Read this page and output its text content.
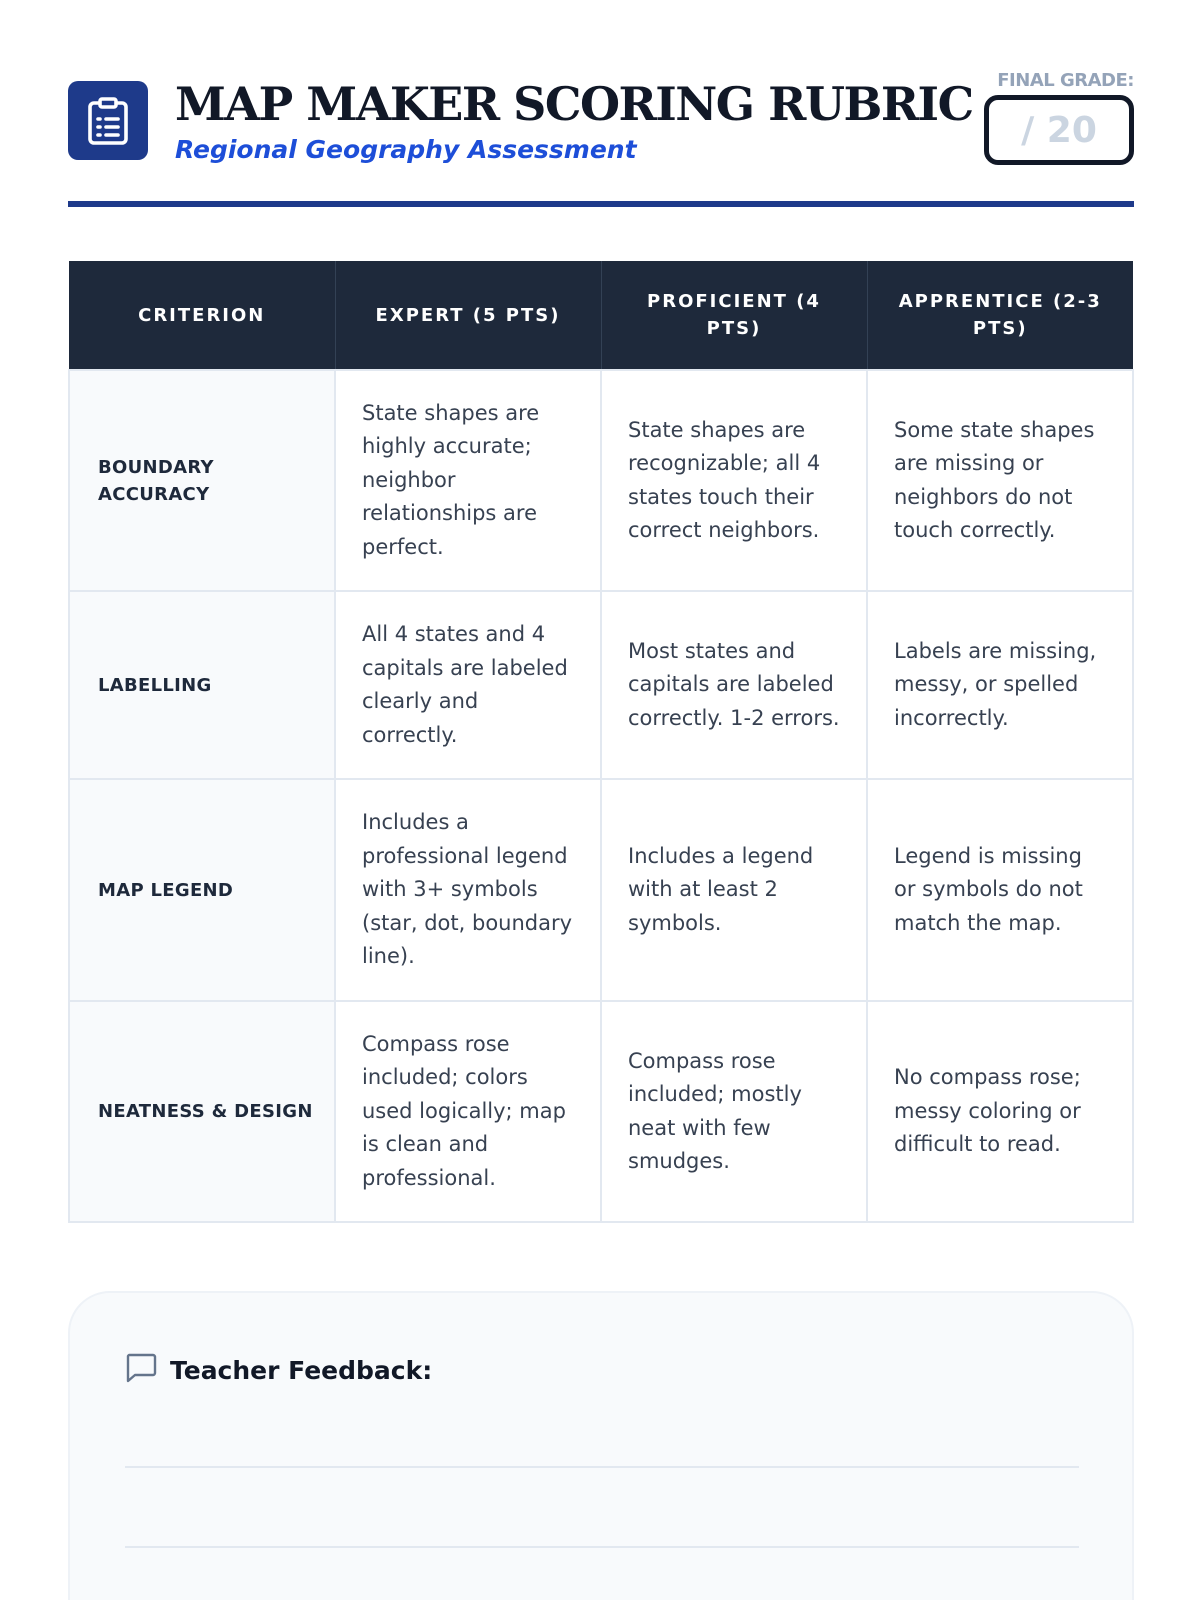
MAP MAKER SCORING RUBRIC

Regional Geography Assessment

FINAL GRADE:
/ 20
CRITERION	EXPERT (5 PTS)	PROFICIENT (4 PTS)	APPRENTICE (2-3 PTS)
BOUNDARY ACCURACY	State shapes are highly accurate; neighbor relationships are perfect.	State shapes are recognizable; all 4 states touch their correct neighbors.	Some state shapes are missing or neighbors do not touch correctly.
LABELLING	All 4 states and 4 capitals are labeled clearly and correctly.	Most states and capitals are labeled correctly. 1-2 errors.	Labels are missing, messy, or spelled incorrectly.
MAP LEGEND	Includes a professional legend with 3+ symbols (star, dot, boundary line).	Includes a legend with at least 2 symbols.	Legend is missing or symbols do not match the map.
NEATNESS & DESIGN	Compass rose included; colors used logically; map is clean and professional.	Compass rose included; mostly neat with few smudges.	No compass rose; messy coloring or difficult to read.
Teacher Feedback:
